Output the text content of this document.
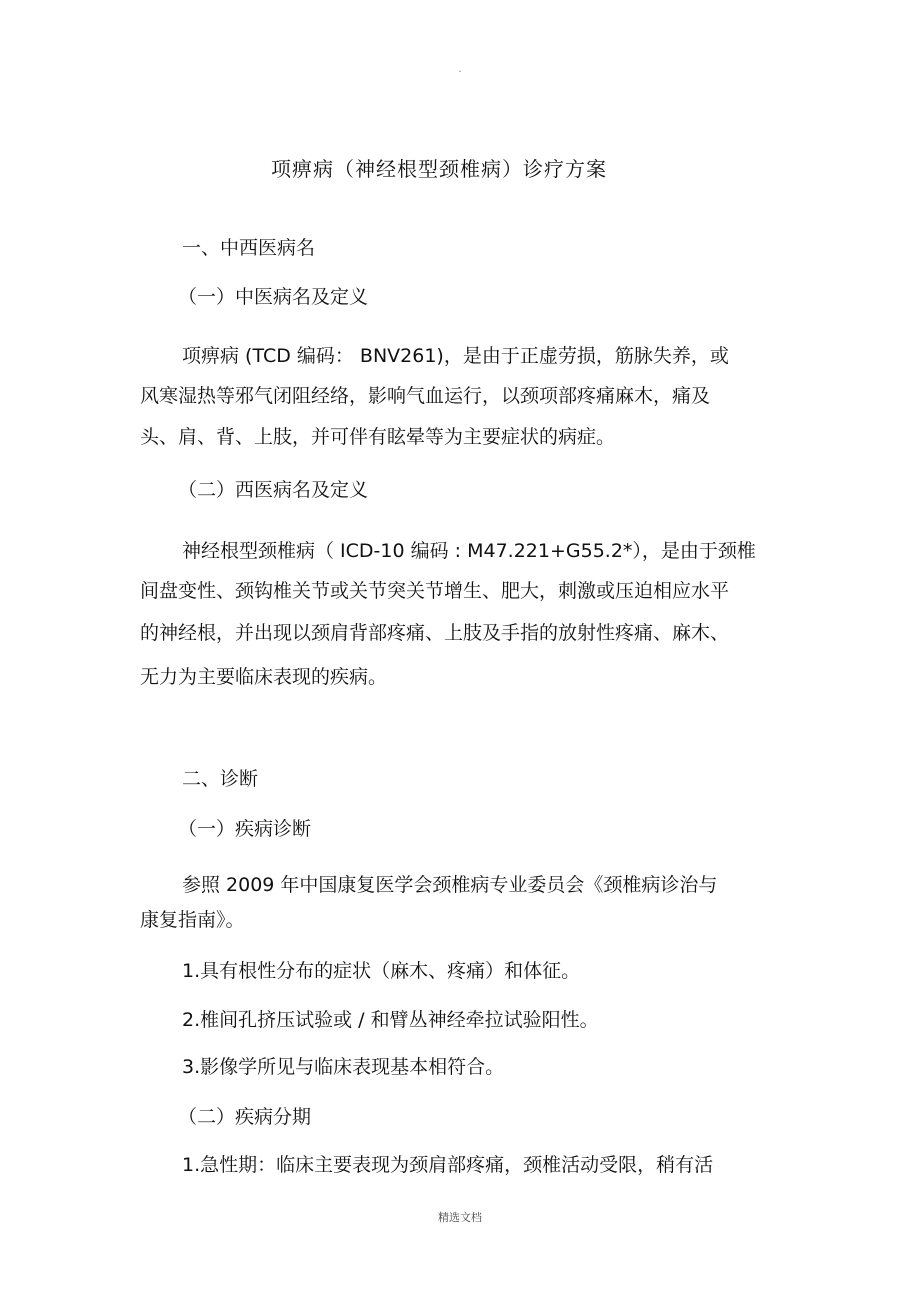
.
项痹病（神经根型颈椎病）诊疗方案
一、中西医病名
（一）中医病名及定义
项痹病 (TCD 编码： BNV261)，是由于正虚劳损，筋脉失养，或
风寒湿热等邪气闭阻经络，影响气血运行，以颈项部疼痛麻木，痛及
头、肩、背、上肢，并可伴有眩晕等为主要症状的病症。
（二）西医病名及定义
神经根型颈椎病（ ICD-10 编码 : M47.221+G55.2*），是由于颈椎
间盘变性、颈钩椎关节或关节突关节增生、肥大，刺激或压迫相应水平
的神经根，并出现以颈肩背部疼痛、上肢及手指的放射性疼痛、麻木、
无力为主要临床表现的疾病。
二、诊断
（一）疾病诊断
参照 2009 年中国康复医学会颈椎病专业委员会《颈椎病诊治与
康复指南》。
1.具有根性分布的症状（麻木、疼痛）和体征。
2.椎间孔挤压试验或 / 和臂丛神经牵拉试验阳性。
3.影像学所见与临床表现基本相符合。
（二）疾病分期
1.急性期：临床主要表现为颈肩部疼痛，颈椎活动受限，稍有活
精选文档
